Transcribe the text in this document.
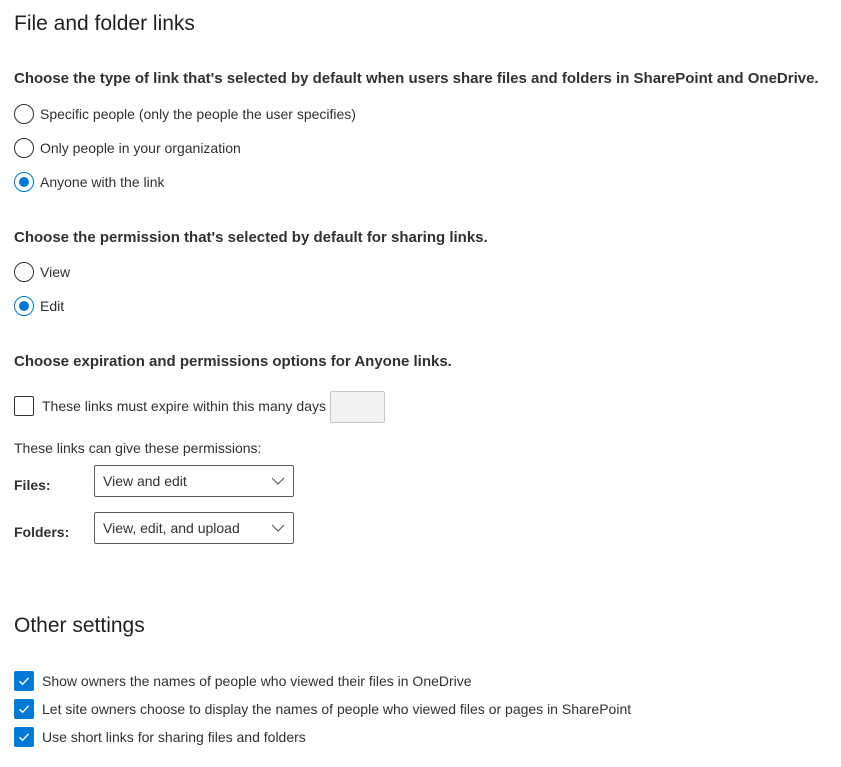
File and folder links
Choose the type of link that's selected by default when users share files and folders in SharePoint and OneDrive.
Specific people (only the people the user specifies)
Only people in your organization
Anyone with the link
Choose the permission that's selected by default for sharing links.
View
Edit
Choose expiration and permissions options for Anyone links.
These links must expire within this many days
These links can give these permissions:
Files:	View and edit
Folders: View, edit, and upload
Other settings
Show owners the names of people who viewed their files in OneDrive
Let site owners choose to display the names of people who viewed files or pages in SharePoint
Use short links for sharing files and folders
